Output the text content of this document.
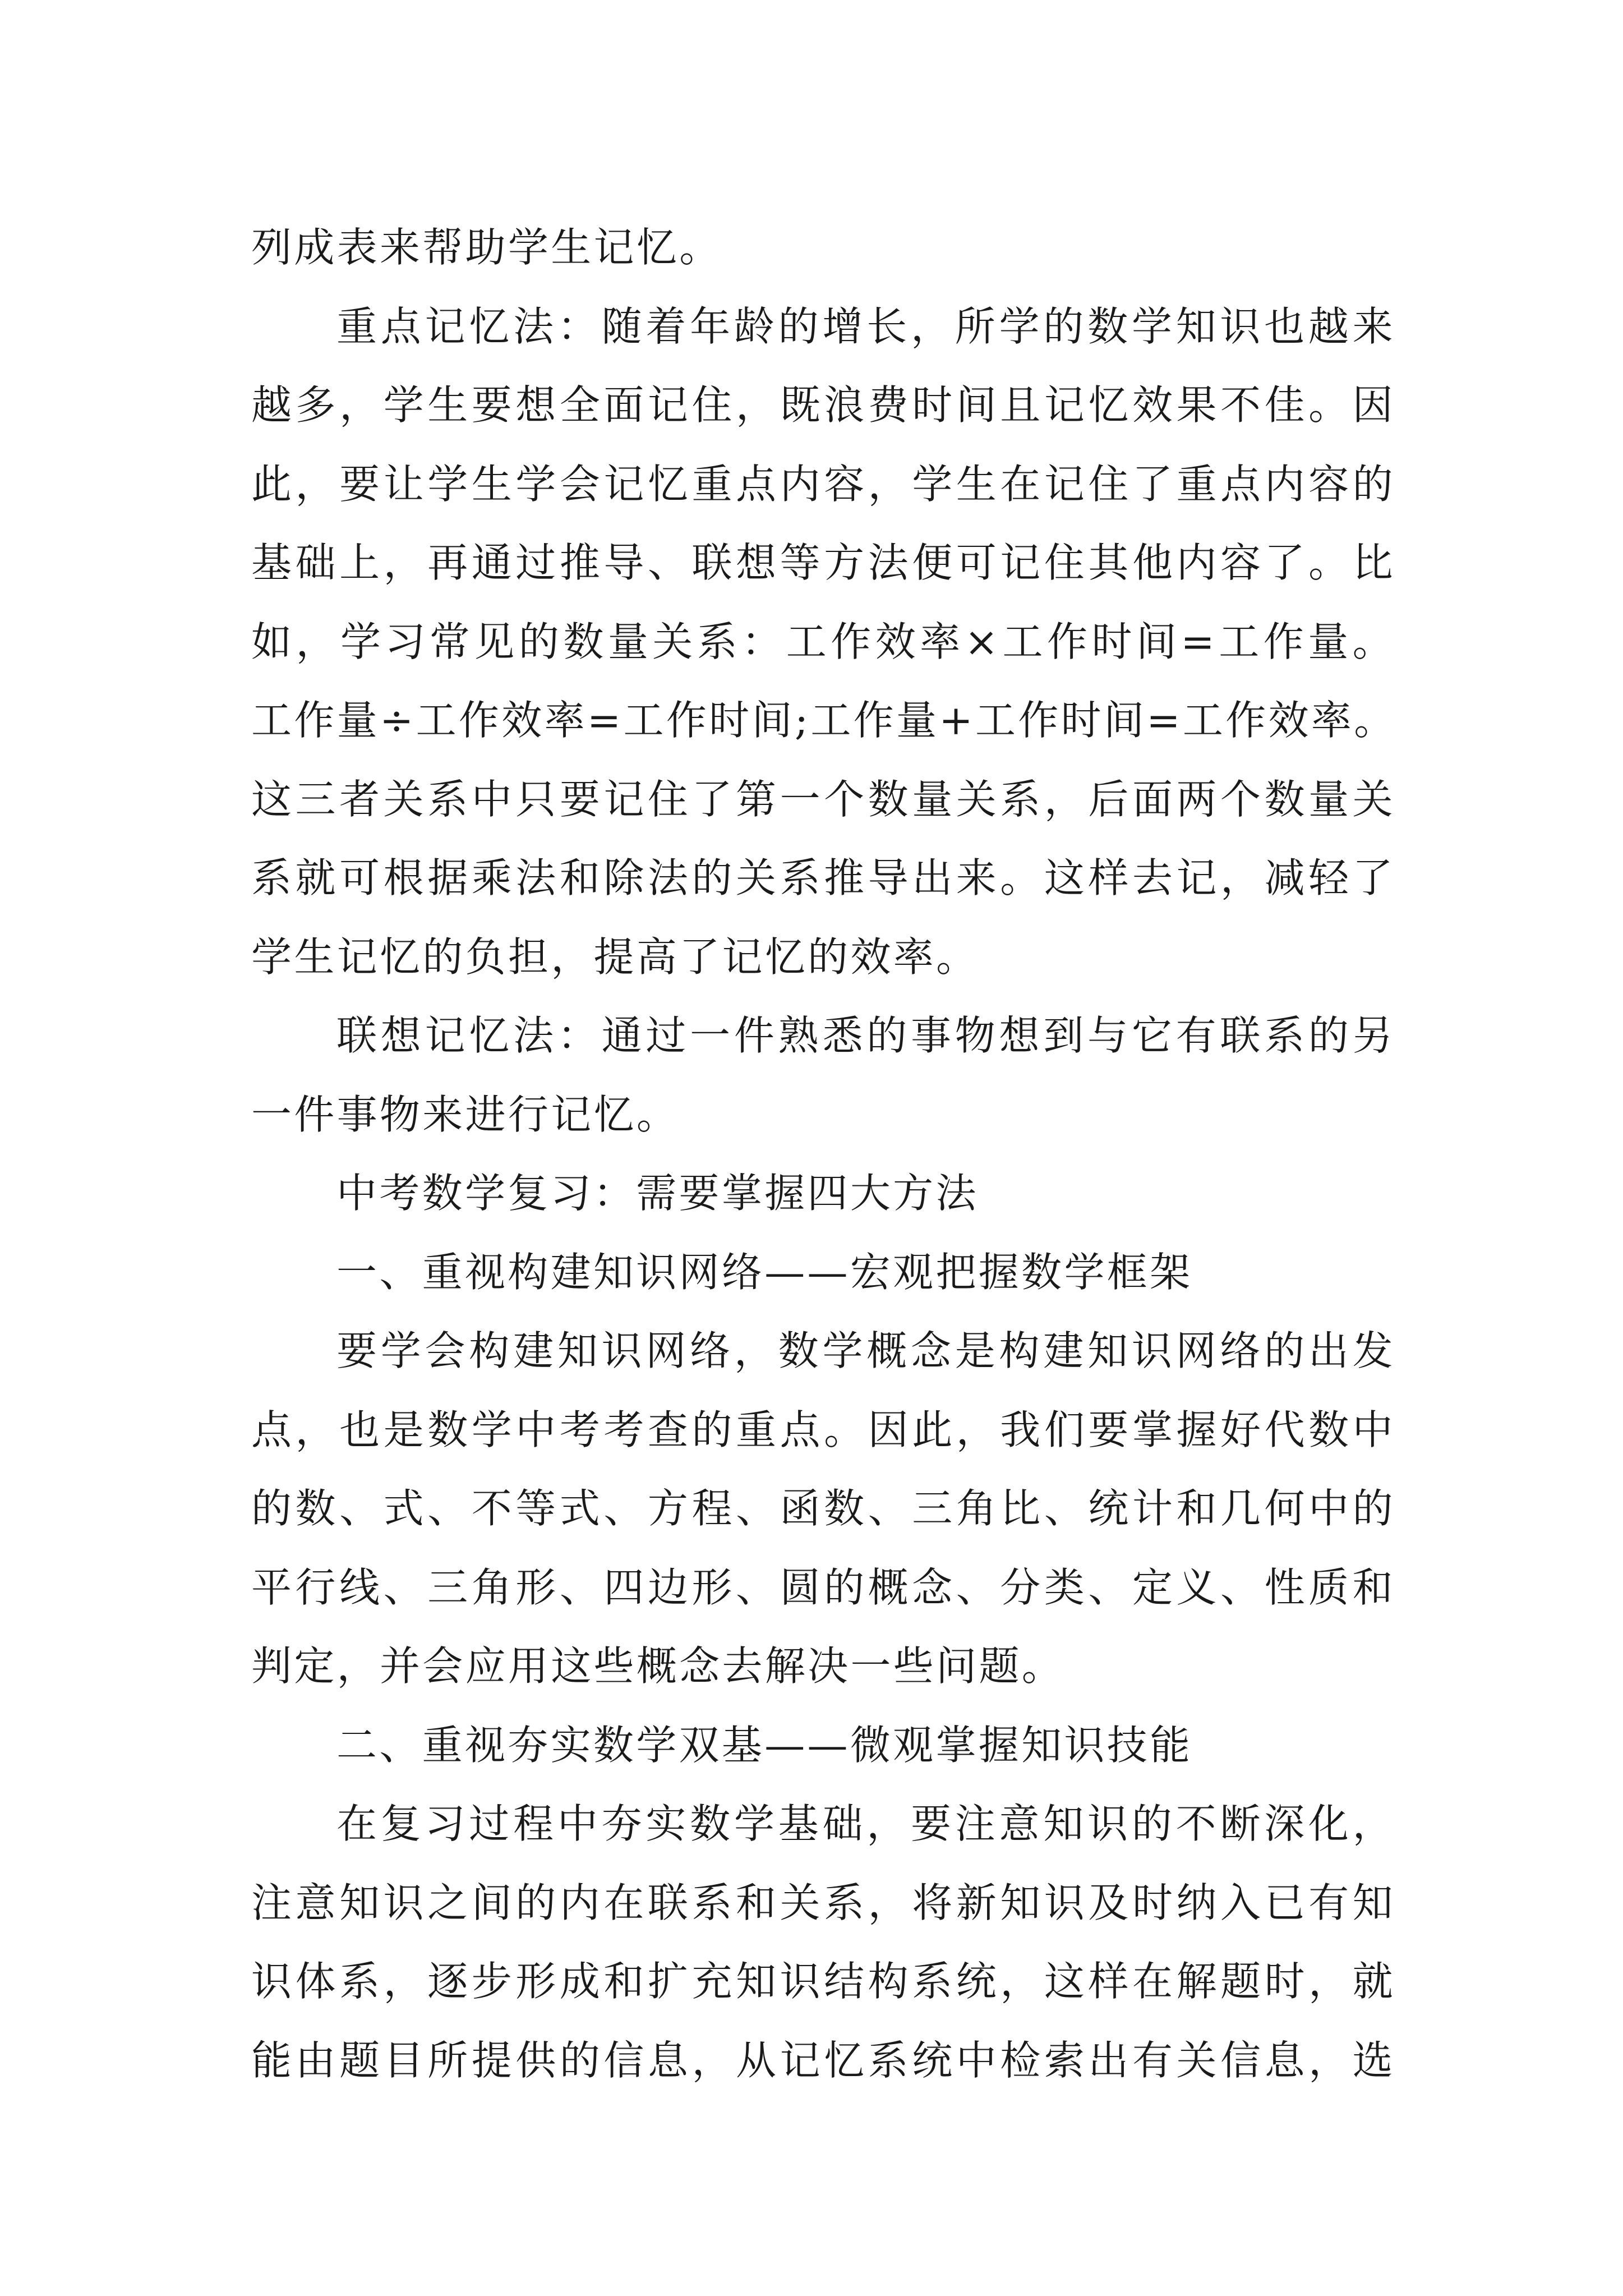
列成表来帮助学生记忆。
重点记忆法：随着年龄的增长，所学的数学知识也越来
越多，学生要想全面记住，既浪费时间且记忆效果不佳。因
此，要让学生学会记忆重点内容，学生在记住了重点内容的
基础上，再通过推导、联想等方法便可记住其他内容了。比
如，学习常见的数量关系：工作效率×工作时间=工作量。
工作量÷工作效率=工作时间;工作量+工作时间=工作效率。
这三者关系中只要记住了第一个数量关系，后面两个数量关
系就可根据乘法和除法的关系推导出来。这样去记，减轻了
学生记忆的负担，提高了记忆的效率。
联想记忆法：通过一件熟悉的事物想到与它有联系的另
一件事物来进行记忆。
中考数学复习：需要掌握四大方法
一、重视构建知识网络——宏观把握数学框架
要学会构建知识网络，数学概念是构建知识网络的出发
点，也是数学中考考查的重点。因此，我们要掌握好代数中
的数、式、不等式、方程、函数、三角比、统计和几何中的
平行线、三角形、四边形、圆的概念、分类、定义、性质和
判定，并会应用这些概念去解决一些问题。
二、重视夯实数学双基——微观掌握知识技能
在复习过程中夯实数学基础，要注意知识的不断深化，
注意知识之间的内在联系和关系，将新知识及时纳入已有知
识体系，逐步形成和扩充知识结构系统，这样在解题时，就
能由题目所提供的信息，从记忆系统中检索出有关信息，选
